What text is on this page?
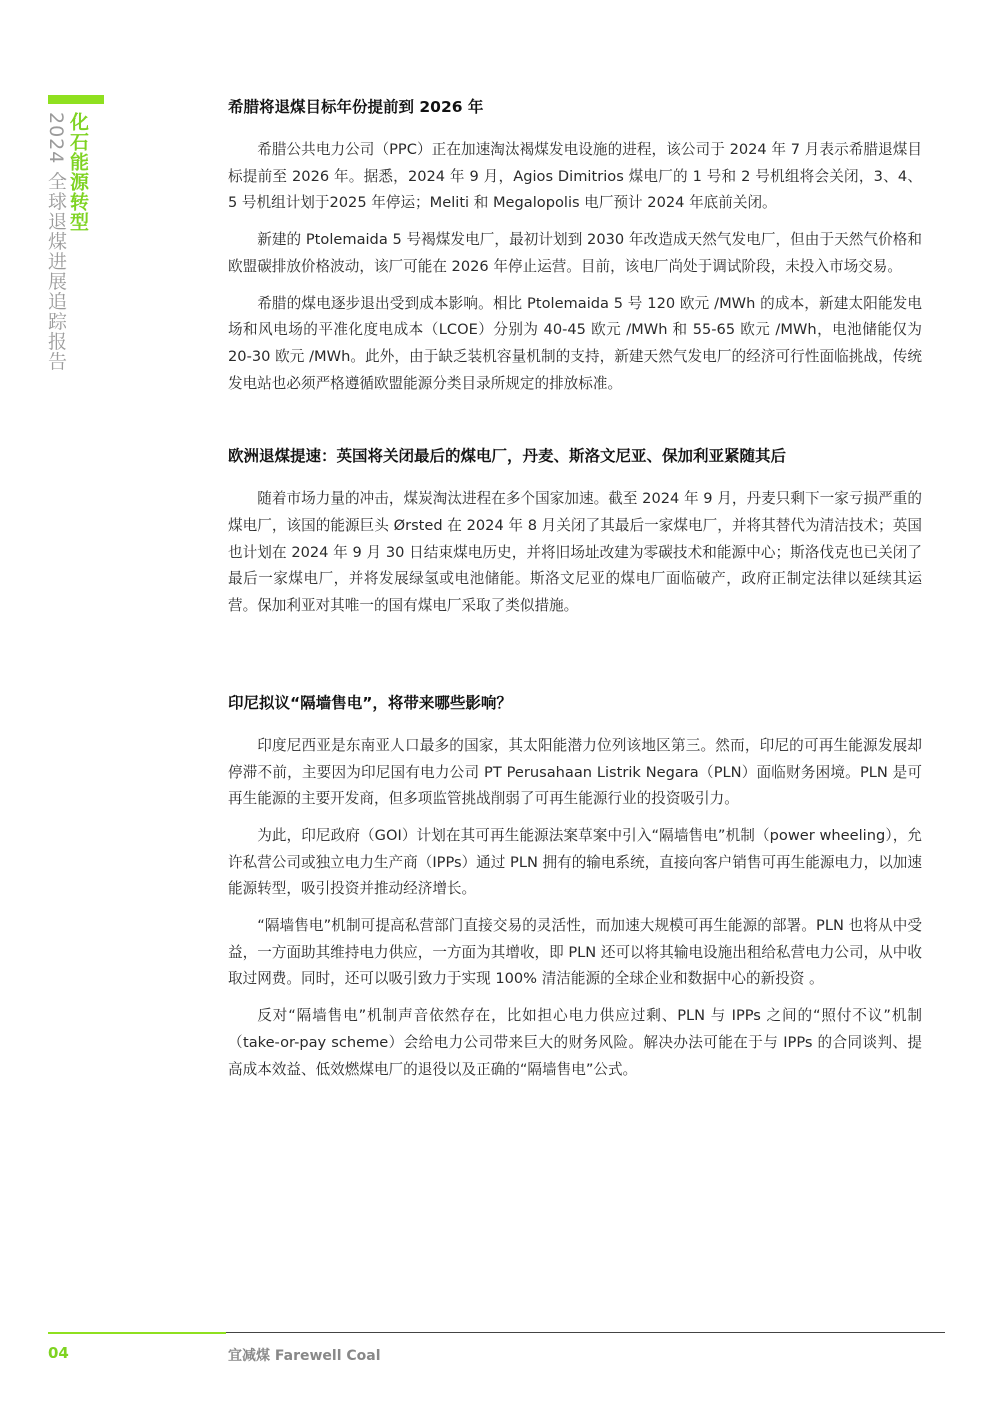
化石能源转型
2024 全球退煤进展追踪报告
希腊将退煤目标年份提前到 2026 年

希腊公共电力公司（PPC）正在加速淘汰褐煤发电设施的进程，该公司于 2024 年 7 月表示希腊退煤目标提前至 2026 年。据悉，2024 年 9 月，Agios Dimitrios 煤电厂的 1 号和 2 号机组将会关闭，3、4、5 号机组计划于2025 年停运；Meliti 和 Megalopolis 电厂预计 2024 年底前关闭。

新建的 Ptolemaida 5 号褐煤发电厂，最初计划到 2030 年改造成天然气发电厂，但由于天然气价格和欧盟碳排放价格波动，该厂可能在 2026 年停止运营。目前，该电厂尚处于调试阶段，未投入市场交易。

希腊的煤电逐步退出受到成本影响。相比 Ptolemaida 5 号 120 欧元 /MWh 的成本，新建太阳能发电场和风电场的平准化度电成本（LCOE）分别为 40-45 欧元 /MWh 和 55-65 欧元 /MWh，电池储能仅为 20-30 欧元 /MWh。此外，由于缺乏装机容量机制的支持，新建天然气发电厂的经济可行性面临挑战，传统发电站也必须严格遵循欧盟能源分类目录所规定的排放标准。

欧洲退煤提速：英国将关闭最后的煤电厂，丹麦、斯洛文尼亚、保加利亚紧随其后

随着市场力量的冲击，煤炭淘汰进程在多个国家加速。截至 2024 年 9 月，丹麦只剩下一家亏损严重的煤电厂，该国的能源巨头 Ørsted 在 2024 年 8 月关闭了其最后一家煤电厂，并将其替代为清洁技术；英国也计划在 2024 年 9 月 30 日结束煤电历史，并将旧场址改建为零碳技术和能源中心；斯洛伐克也已关闭了最后一家煤电厂，并将发展绿氢或电池储能。斯洛文尼亚的煤电厂面临破产，政府正制定法律以延续其运营。保加利亚对其唯一的国有煤电厂采取了类似措施。

印尼拟议“隔墙售电”，将带来哪些影响？

印度尼西亚是东南亚人口最多的国家，其太阳能潜力位列该地区第三。然而，印尼的可再生能源发展却停滞不前，主要因为印尼国有电力公司 PT Perusahaan Listrik Negara（PLN）面临财务困境。PLN 是可再生能源的主要开发商，但多项监管挑战削弱了可再生能源行业的投资吸引力。

为此，印尼政府（GOI）计划在其可再生能源法案草案中引入“隔墙售电”机制（power wheeling），允许私营公司或独立电力生产商（IPPs）通过 PLN 拥有的输电系统，直接向客户销售可再生能源电力，以加速能源转型，吸引投资并推动经济增长。

“隔墙售电”机制可提高私营部门直接交易的灵活性，而加速大规模可再生能源的部署。PLN 也将从中受益，一方面助其维持电力供应，一方面为其增收，即 PLN 还可以将其输电设施出租给私营电力公司，从中收取过网费。同时，还可以吸引致力于实现 100% 清洁能源的全球企业和数据中心的新投资 。

反对“隔墙售电”机制声音依然存在，比如担心电力供应过剩、PLN 与 IPPs 之间的“照付不议”机制（take-or-pay scheme）会给电力公司带来巨大的财务风险。解决办法可能在于与 IPPs 的合同谈判、提高成本效益、低效燃煤电厂的退役以及正确的“隔墙售电”公式。

04	宜减煤 Farewell Coal
